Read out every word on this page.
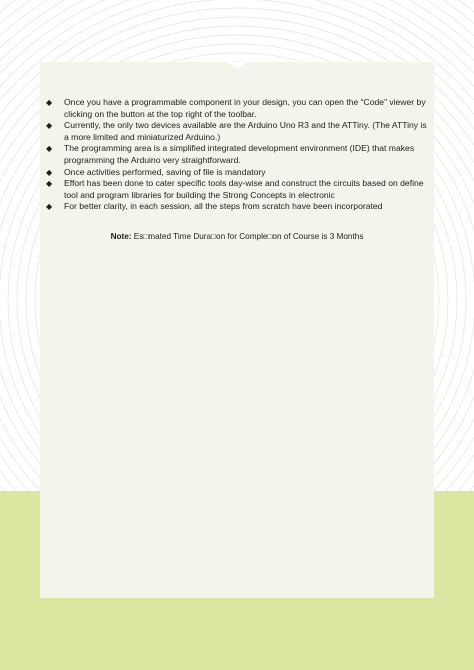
◆ Once you have a programmable component in your design, you can open the “Code” viewer by clicking on the button at the top right of the toolbar.
◆ Currently, the only two devices available are the Arduino Uno R3 and the ATTiny. (The ATTiny is a more limited and miniaturized Arduino.)
◆ The programming area is a simplified integrated development environment (IDE) that makes programming the Arduino very straightforward.
◆ Once activities performed, saving of file is mandatory
◆ Effort has been done to cater specific tools day-wise and construct the circuits based on define tool and program libraries for building the Strong Concepts in electronic
◆ For better clarity, in each session, all the steps from scratch have been incorporated
Note: Es□mated Time Dura□on for Comple□on of Course is 3 Months
